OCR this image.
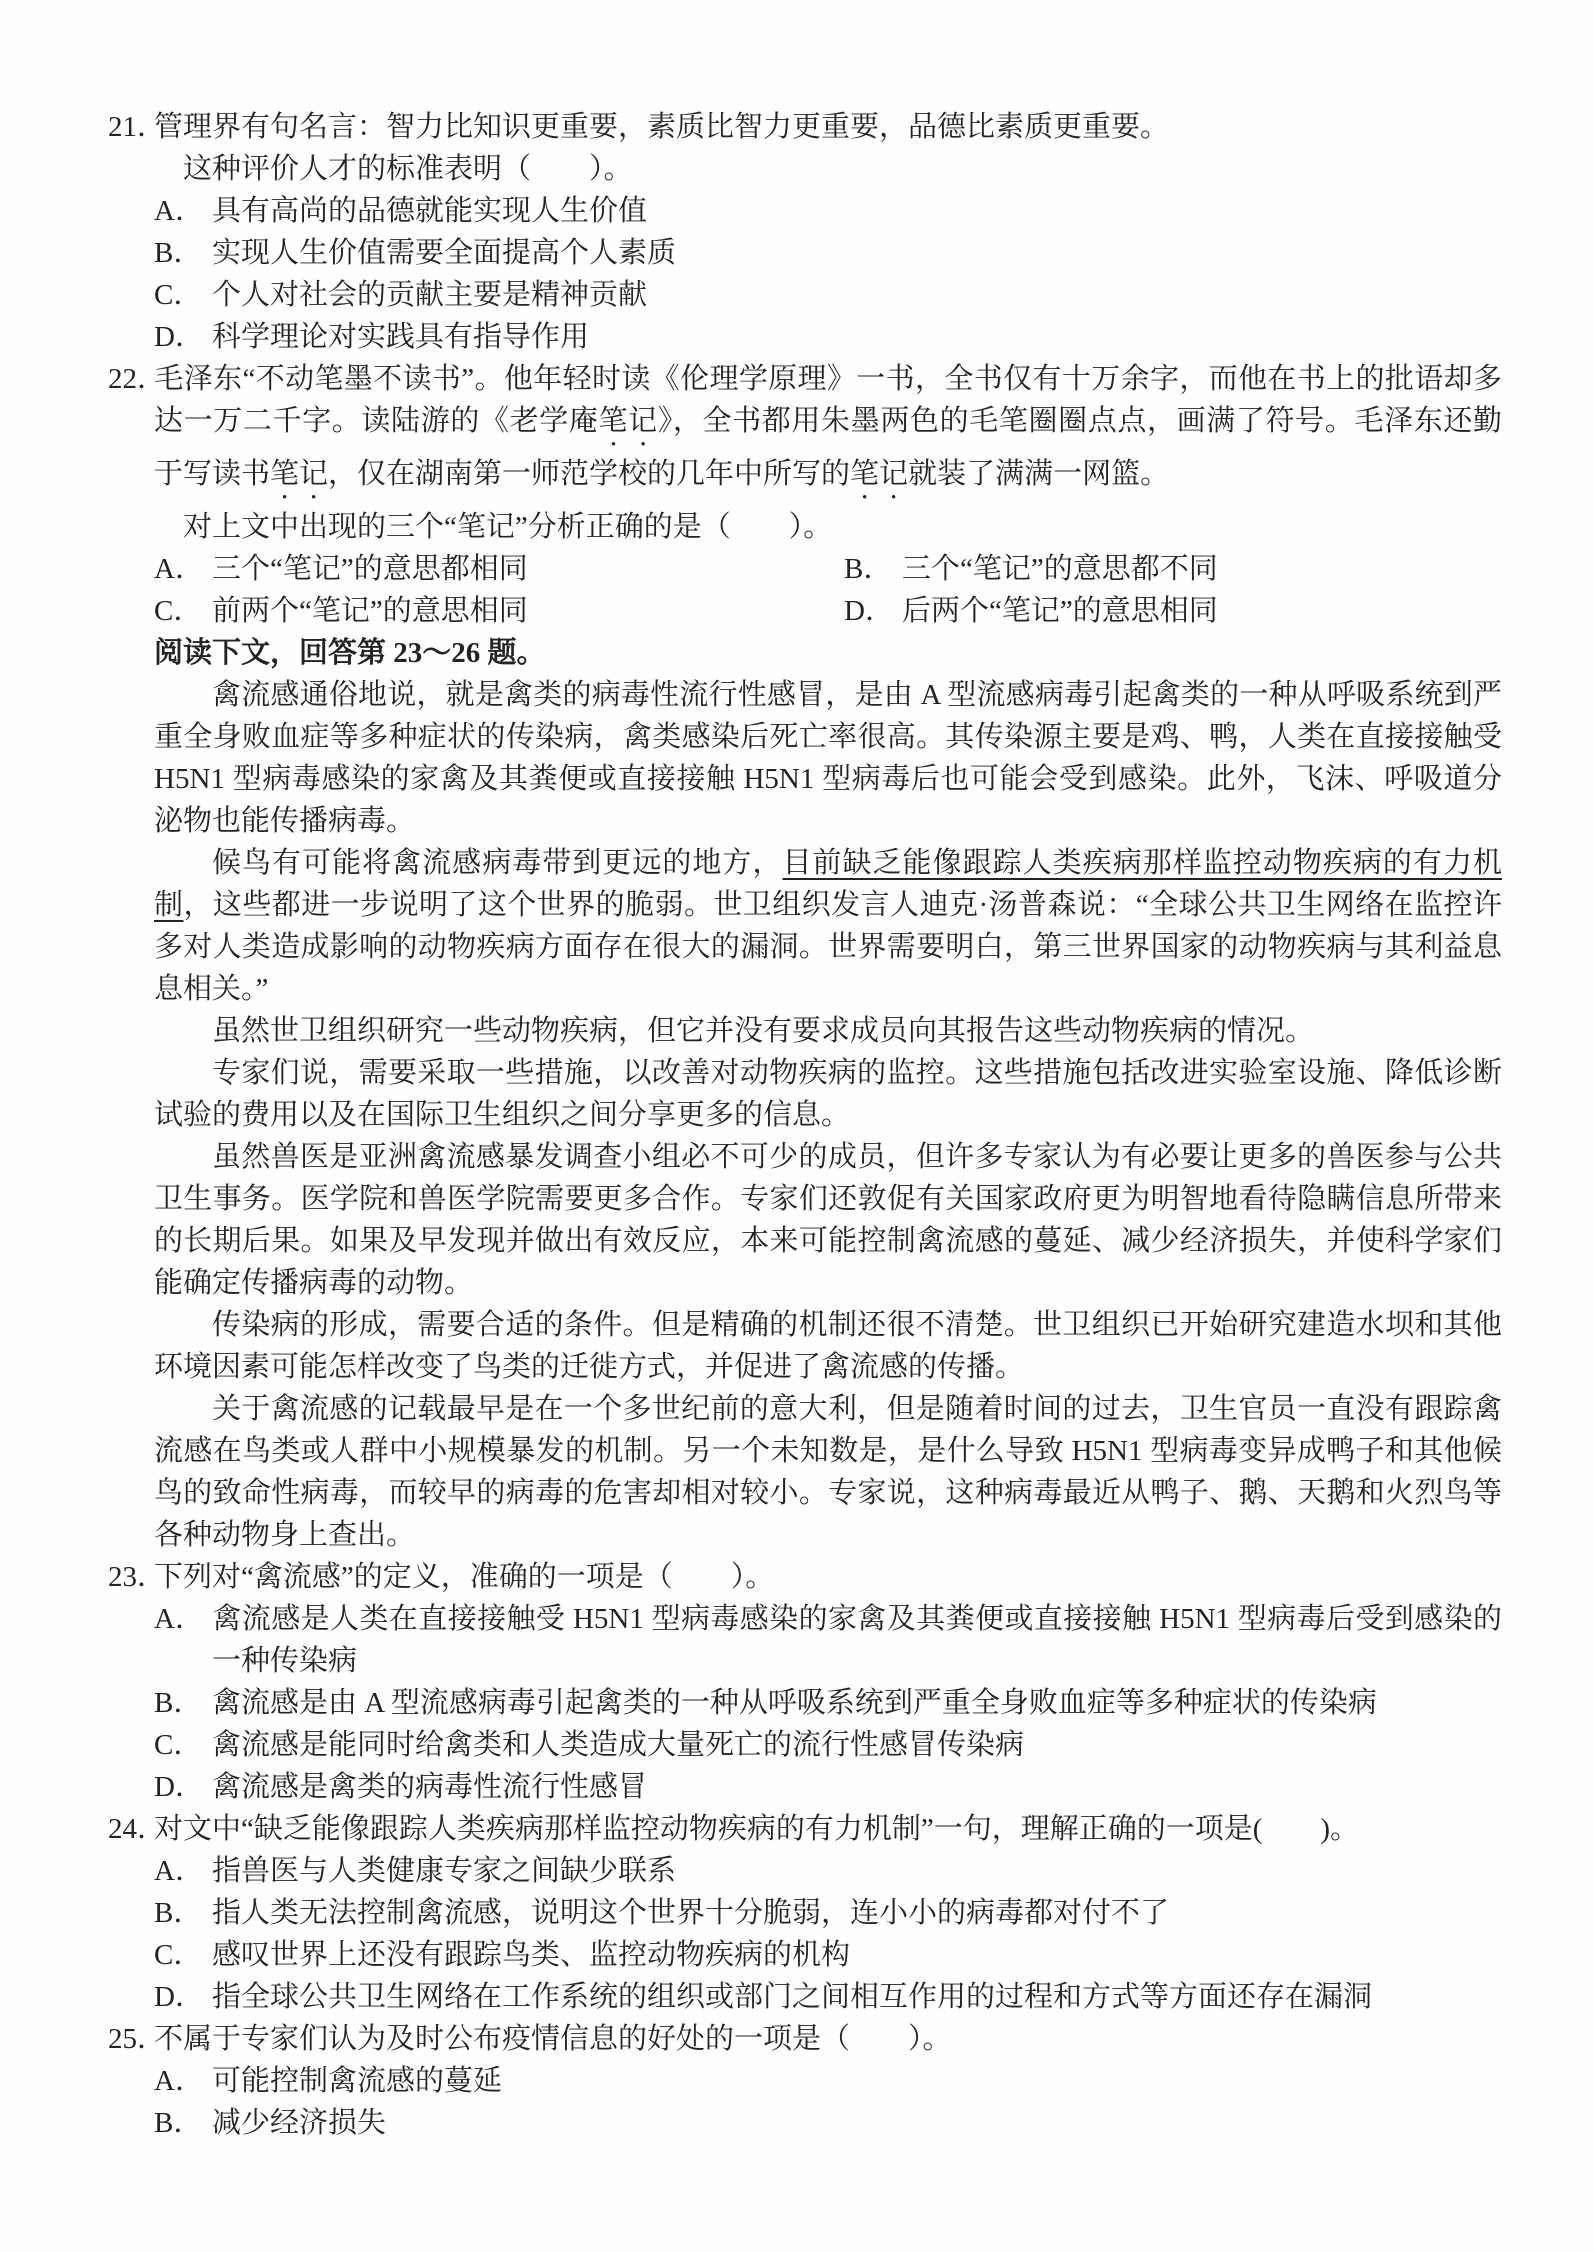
21．管理界有句名言：智力比知识更重要，素质比智力更重要，品德比素质更重要。

这种评价人才的标准表明（　　）。

A． 具有高尚的品德就能实现人生价值

B． 实现人生价值需要全面提高个人素质

C． 个人对社会的贡献主要是精神贡献

D． 科学理论对实践具有指导作用

22．毛泽东“不动笔墨不读书”。他年轻时读《伦理学原理》一书，全书仅有十万余字，而他在书上的批语却多达一万二千字。读陆游的《老学庵笔记》，全书都用朱墨两色的毛笔圈圈点点，画满了符号。毛泽东还勤于写读书笔记，仅在湖南第一师范学校的几年中所写的笔记就装了满满一网篮。

对上文中出现的三个“笔记”分析正确的是（　　）。

A． 三个“笔记”的意思都相同	B． 三个“笔记”的意思都不同

C． 前两个“笔记”的意思相同	D． 后两个“笔记”的意思相同

阅读下文，回答第 23～26 题。

禽流感通俗地说，就是禽类的病毒性流行性感冒，是由 A 型流感病毒引起禽类的一种从呼吸系统到严重全身败血症等多种症状的传染病，禽类感染后死亡率很高。其传染源主要是鸡、鸭，人类在直接接触受 H5N1 型病毒感染的家禽及其粪便或直接接触 H5N1 型病毒后也可能会受到感染。此外，飞沫、呼吸道分泌物也能传播病毒。

候鸟有可能将禽流感病毒带到更远的地方，目前缺乏能像跟踪人类疾病那样监控动物疾病的有力机制，这些都进一步说明了这个世界的脆弱。世卫组织发言人迪克·汤普森说：“全球公共卫生网络在监控许多对人类造成影响的动物疾病方面存在很大的漏洞。世界需要明白，第三世界国家的动物疾病与其利益息息相关。”

虽然世卫组织研究一些动物疾病，但它并没有要求成员向其报告这些动物疾病的情况。

专家们说，需要采取一些措施，以改善对动物疾病的监控。这些措施包括改进实验室设施、降低诊断试验的费用以及在国际卫生组织之间分享更多的信息。

虽然兽医是亚洲禽流感暴发调查小组必不可少的成员，但许多专家认为有必要让更多的兽医参与公共卫生事务。医学院和兽医学院需要更多合作。专家们还敦促有关国家政府更为明智地看待隐瞒信息所带来的长期后果。如果及早发现并做出有效反应，本来可能控制禽流感的蔓延、减少经济损失，并使科学家们能确定传播病毒的动物。

传染病的形成，需要合适的条件。但是精确的机制还很不清楚。世卫组织已开始研究建造水坝和其他环境因素可能怎样改变了鸟类的迁徙方式，并促进了禽流感的传播。

关于禽流感的记载最早是在一个多世纪前的意大利，但是随着时间的过去，卫生官员一直没有跟踪禽流感在鸟类或人群中小规模暴发的机制。另一个未知数是，是什么导致 H5N1 型病毒变异成鸭子和其他候鸟的致命性病毒，而较早的病毒的危害却相对较小。专家说，这种病毒最近从鸭子、鹅、天鹅和火烈鸟等各种动物身上查出。

23．下列对“禽流感”的定义，准确的一项是（　　）。

A． 禽流感是人类在直接接触受 H5N1 型病毒感染的家禽及其粪便或直接接触 H5N1 型病毒后受到感染的一种传染病

B． 禽流感是由 A 型流感病毒引起禽类的一种从呼吸系统到严重全身败血症等多种症状的传染病

C． 禽流感是能同时给禽类和人类造成大量死亡的流行性感冒传染病

D． 禽流感是禽类的病毒性流行性感冒

24．对文中“缺乏能像跟踪人类疾病那样监控动物疾病的有力机制”一句，理解正确的一项是(　　)。

A． 指兽医与人类健康专家之间缺少联系

B． 指人类无法控制禽流感，说明这个世界十分脆弱，连小小的病毒都对付不了

C． 感叹世界上还没有跟踪鸟类、监控动物疾病的机构

D． 指全球公共卫生网络在工作系统的组织或部门之间相互作用的过程和方式等方面还存在漏洞

25．不属于专家们认为及时公布疫情信息的好处的一项是（　　）。

A． 可能控制禽流感的蔓延

B． 减少经济损失
